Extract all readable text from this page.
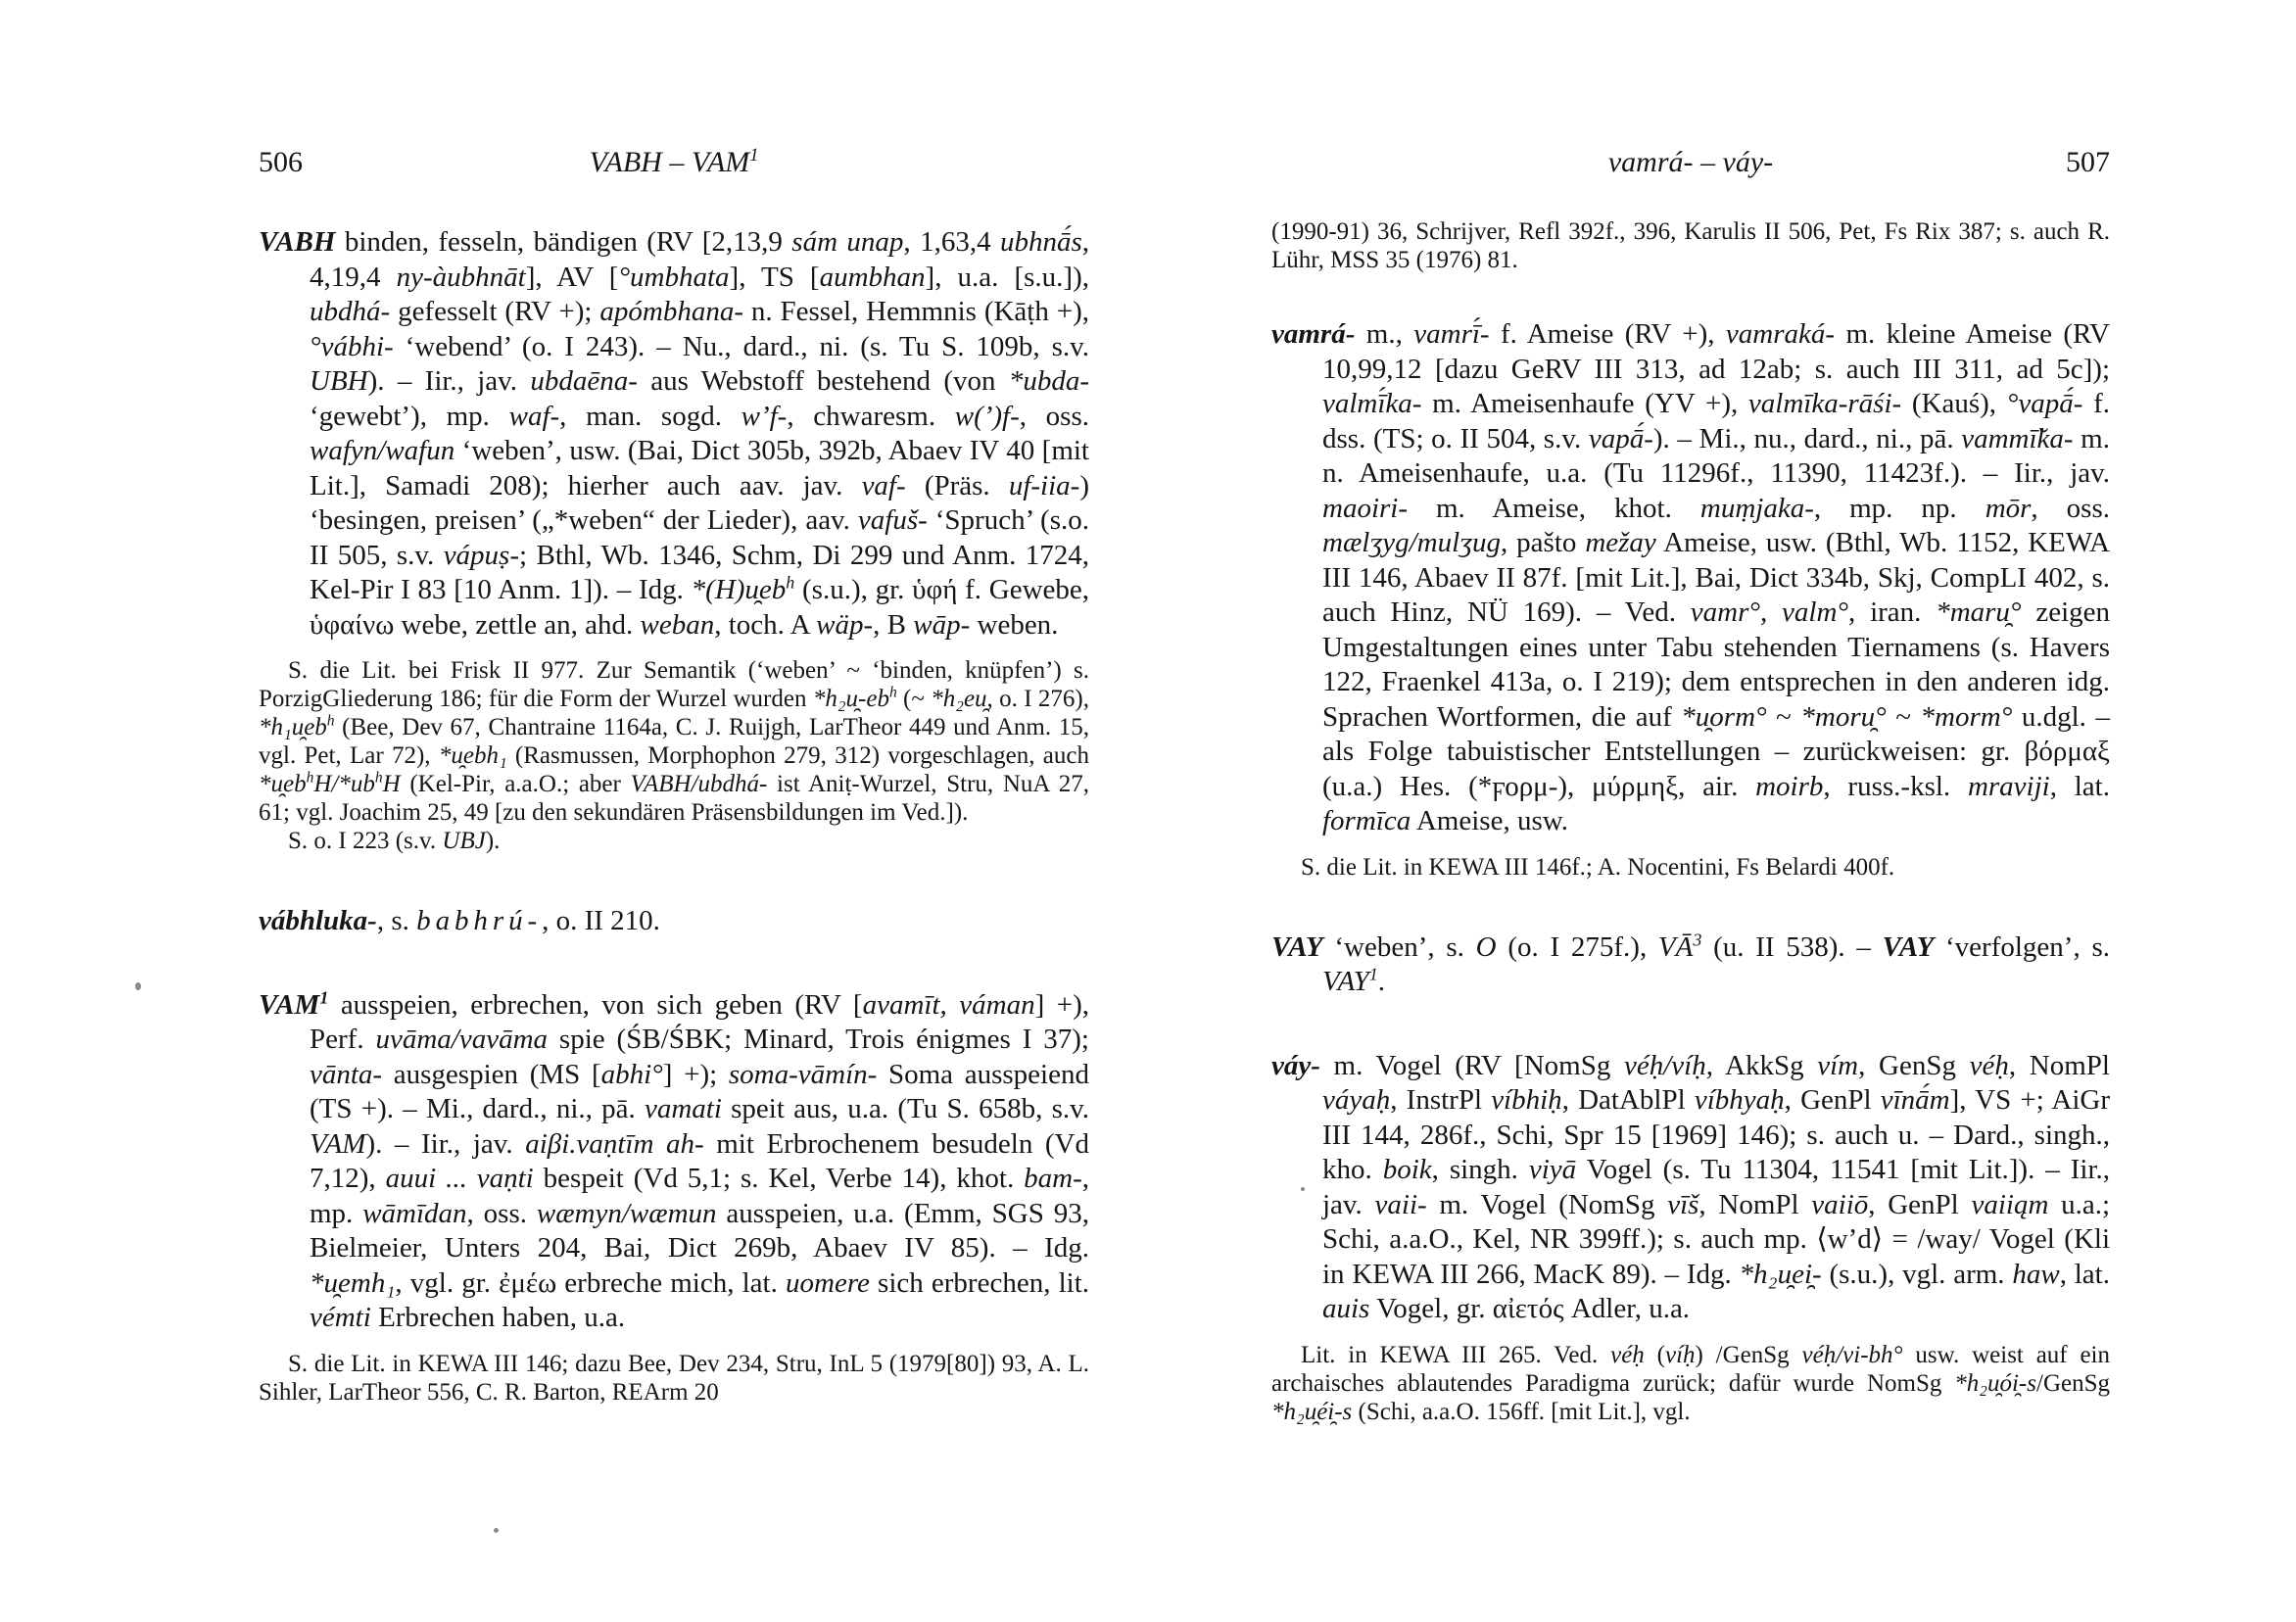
506	VABH – VAM$^1$

VABH binden, fesseln, bändigen (RV [2,13,9 sám unap, 1,63,4 ubhnā́s, 4,19,4 ny-àubhnāt], AV [°umbhata], TS [aumbhan], u.a. [s.u.]), ubdhá- gefesselt (RV +); apómbhana- n. Fessel, Hemmnis (Kāṭh +), °vábhi- ‘webend’ (o. I 243). – Nu., dard., ni. (s. Tu S. 109b, s.v. UBH). – Iir., jav. ubdaēna- aus Webstoff bestehend (von *ubda- ‘gewebt’), mp. waf-, man. sogd. w’f-, chwaresm. w(’)f-, oss. wafyn/wafun ‘weben’, usw. (Bai, Dict 305b, 392b, Abaev IV 40 [mit Lit.], Samadi 208); hierher auch aav. jav. vaf- (Präs. uf-iia-) ‘besingen, preisen’ („*weben“ der Lieder), aav. vafuš- ‘Spruch’ (s.o. II 505, s.v. vápuṣ-; Bthl, Wb. 1346, Schm, Di 299 und Anm. 1724, Kel-Pir I 83 [10 Anm. 1]). – Idg. $*(H)u̯eb^h$ (s.u.), gr. ὑφή f. Gewebe, ὑφαίνω webe, zettle an, ahd. weban, toch. A wäp-, B wāp- weben.

S. die Lit. bei Frisk II 977. Zur Semantik (‘weben’ ~ ‘binden, knüpfen’) s. PorzigGliederung 186; für die Form der Wurzel wurden $*h_2u̯-eb^h$ (~ *h₂eu̯, o. I 276), $*h_1u̯eb^h$ (Bee, Dev 67, Chantraine 1164a, C. J. Ruijgh, LarTheor 449 und Anm. 15, vgl. Pet, Lar 72), *u̯ebh₁ (Rasmussen, Morphophon 279, 312) vorgeschlagen, auch $*u̯eb^hH/*ub^hH$ (Kel-Pir, a.a.O.; aber VABH/ubdhá- ist Aniṭ-Wurzel, Stru, NuA 27, 61; vgl. Joachim 25, 49 [zu den sekundären Präsensbildungen im Ved.]).

S. o. I 223 (s.v. UBJ).

vábhluka-, s. babhrú-, o. II 210.

VAM$^1$ ausspeien, erbrechen, von sich geben (RV [avamīt, váman] +), Perf. uvāma/vavāma spie (ŚB/ŚBK; Minard, Trois énigmes I 37); vānta- ausgespien (MS [abhi°] +); soma-vāmín- Soma ausspeiend (TS +). – Mi., dard., ni., pā. vamati speit aus, u.a. (Tu S. 658b, s.v. VAM). – Iir., jav. aiβi.vaṇtīm ah- mit Erbrochenem besudeln (Vd 7,12), auui ... vaṇti bespeit (Vd 5,1; s. Kel, Verbe 14), khot. bam-, mp. wāmīdan, oss. wæmyn/wæmun ausspeien, u.a. (Emm, SGS 93, Bielmeier, Unters 204, Bai, Dict 269b, Abaev IV 85). – Idg. *u̯emh₁, vgl. gr. ἐμέω erbreche mich, lat. uomere sich erbrechen, lit. vémti Erbrechen haben, u.a.

S. die Lit. in KEWA III 146; dazu Bee, Dev 234, Stru, InL 5 (1979[80]) 93, A. L. Sihler, LarTheor 556, C. R. Barton, REArm 20

vamrá- – váy-	507

(1990-91) 36, Schrijver, Refl 392f., 396, Karulis II 506, Pet, Fs Rix 387; s. auch R. Lühr, MSS 35 (1976) 81.

vamrá- m., vamrī́- f. Ameise (RV +), vamraká- m. kleine Ameise (RV 10,99,12 [dazu GeRV III 313, ad 12ab; s. auch III 311, ad 5c]); valmī́ka- m. Ameisenhaufe (YV +), valmīka-rāśi- (Kauś), °vapā́- f. dss. (TS; o. II 504, s.v. vapā́-). – Mi., nu., dard., ni., pā. vammī̆ka- m. n. Ameisenhaufe, u.a. (Tu 11296f., 11390, 11423f.). – Iir., jav. maoiri- m. Ameise, khot. muṃjaka-, mp. np. mōr, oss. mælʒyg/mulʒug, pašto mežay Ameise, usw. (Bthl, Wb. 1152, KEWA III 146, Abaev II 87f. [mit Lit.], Bai, Dict 334b, Skj, CompLI 402, s. auch Hinz, NÜ 169). – Ved. vamr°, valm°, iran. *maru̯° zeigen Umgestaltungen eines unter Tabu stehenden Tiernamens (s. Havers 122, Fraenkel 413a, o. I 219); dem entsprechen in den anderen idg. Sprachen Wortformen, die auf *u̯orm° ~ *moru̯° ~ *morm° u.dgl. – als Folge tabuistischer Entstellungen – zurückweisen: gr. βόρμαξ (u.a.) Hes. (*ϝορμ-), μύρμηξ, air. moirb, russ.-ksl. mraviji, lat. formīca Ameise, usw.

S. die Lit. in KEWA III 146f.; A. Nocentini, Fs Belardi 400f.

VAY ‘weben’, s. O (o. I 275f.), $VĀ^3$ (u. II 538). – VAY ‘verfolgen’, s. VAY$^1$.

váy- m. Vogel (RV [NomSg véḥ/víḥ, AkkSg vím, GenSg véḥ, NomPl váyaḥ, InstrPl víbhiḥ, DatAblPl víbhyaḥ, GenPl vīnā́m], VS +; AiGr III 144, 286f., Schi, Spr 15 [1969] 146); s. auch u. – Dard., singh., kho. boik, singh. viyā Vogel (s. Tu 11304, 11541 [mit Lit.]). – Iir., jav. vaii- m. Vogel (NomSg vīš, NomPl vaiiō, GenPl vaiiąm u.a.; Schi, a.a.O., Kel, NR 399ff.); s. auch mp. ⟨w’d⟩ = /way/ Vogel (Kli in KEWA III 266, MacK 89). – Idg. *h₂u̯ei̯- (s.u.), vgl. arm. haw, lat. auis Vogel, gr. αἰετός Adler, u.a.

Lit. in KEWA III 265. Ved. véḥ (víḥ) /GenSg véḥ/vi-bh° usw. weist auf ein archaisches ablautendes Paradigma zurück; dafür wurde NomSg *h₂u̯ói̯-s/GenSg *h₂u̯éi̯-s (Schi, a.a.O. 156ff. [mit Lit.], vgl.
